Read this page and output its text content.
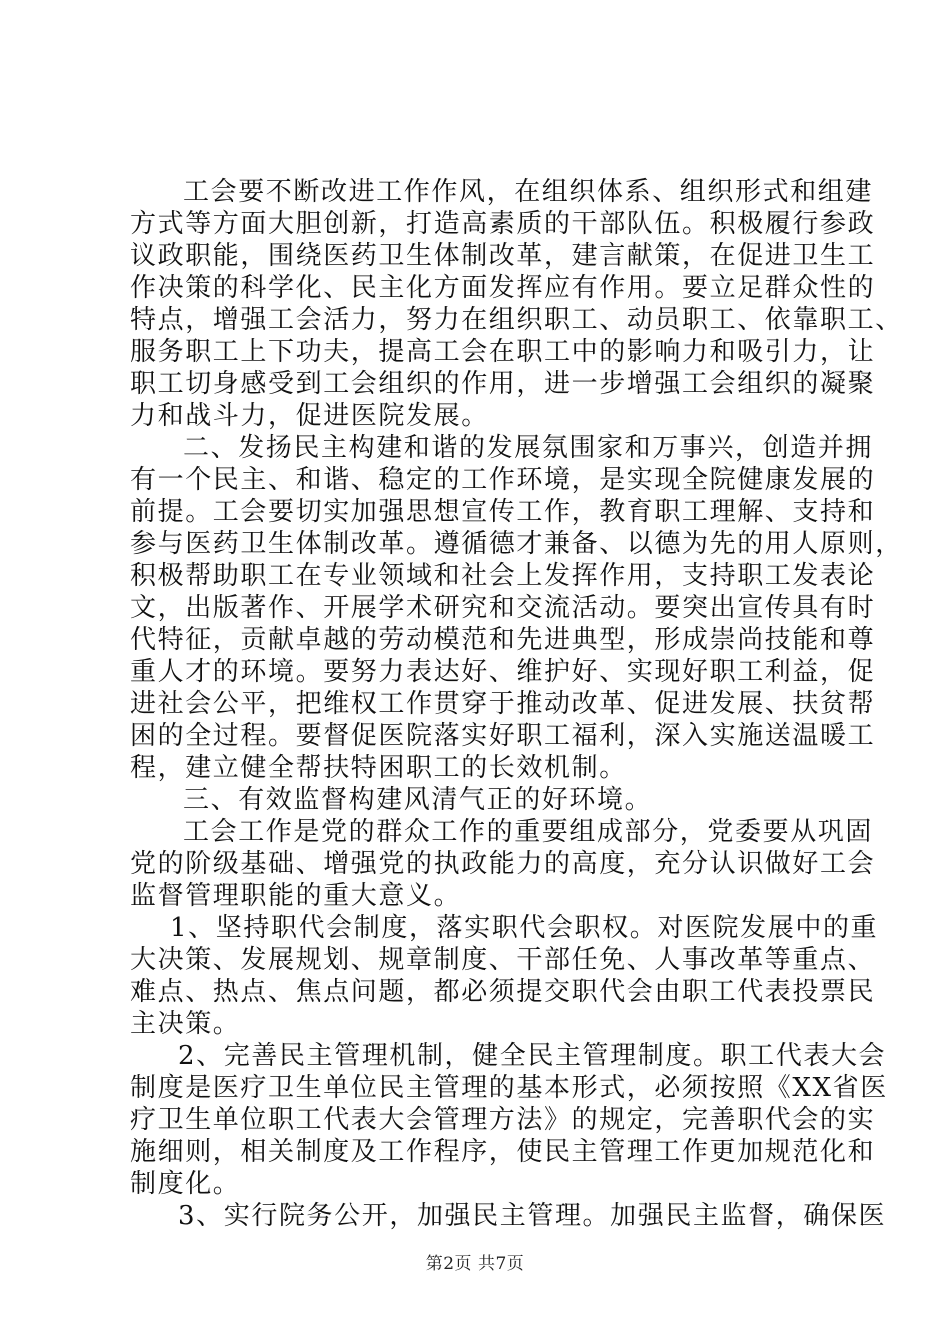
工会要不断改进工作作风，在组织体系、组织形式和组建
方式等方面大胆创新，打造高素质的干部队伍。积极履行参政
议政职能，围绕医药卫生体制改革，建言献策，在促进卫生工
作决策的科学化、民主化方面发挥应有作用。要立足群众性的
特点，增强工会活力，努力在组织职工、动员职工、依靠职工、
服务职工上下功夫，提高工会在职工中的影响力和吸引力，让
职工切身感受到工会组织的作用，进一步增强工会组织的凝聚
力和战斗力，促进医院发展。
二、发扬民主构建和谐的发展氛围家和万事兴，创造并拥
有一个民主、和谐、稳定的工作环境，是实现全院健康发展的
前提。工会要切实加强思想宣传工作，教育职工理解、支持和
参与医药卫生体制改革。遵循德才兼备、以德为先的用人原则，
积极帮助职工在专业领域和社会上发挥作用，支持职工发表论
文，出版著作、开展学术研究和交流活动。要突出宣传具有时
代特征，贡献卓越的劳动模范和先进典型，形成崇尚技能和尊
重人才的环境。要努力表达好、维护好、实现好职工利益，促
进社会公平，把维权工作贯穿于推动改革、促进发展、扶贫帮
困的全过程。要督促医院落实好职工福利，深入实施送温暖工
程，建立健全帮扶特困职工的长效机制。
三、有效监督构建风清气正的好环境。
工会工作是党的群众工作的重要组成部分，党委要从巩固
党的阶级基础、增强党的执政能力的高度，充分认识做好工会
监督管理职能的重大意义。
1、坚持职代会制度，落实职代会职权。对医院发展中的重
大决策、发展规划、规章制度、干部任免、人事改革等重点、
难点、热点、焦点问题，都必须提交职代会由职工代表投票民
主决策。
2、完善民主管理机制，健全民主管理制度。职工代表大会
制度是医疗卫生单位民主管理的基本形式，必须按照《XX省医
疗卫生单位职工代表大会管理方法》的规定，完善职代会的实
施细则，相关制度及工作程序，使民主管理工作更加规范化和
制度化。
3、实行院务公开，加强民主管理。加强民主监督，确保医
第2页 共7页
